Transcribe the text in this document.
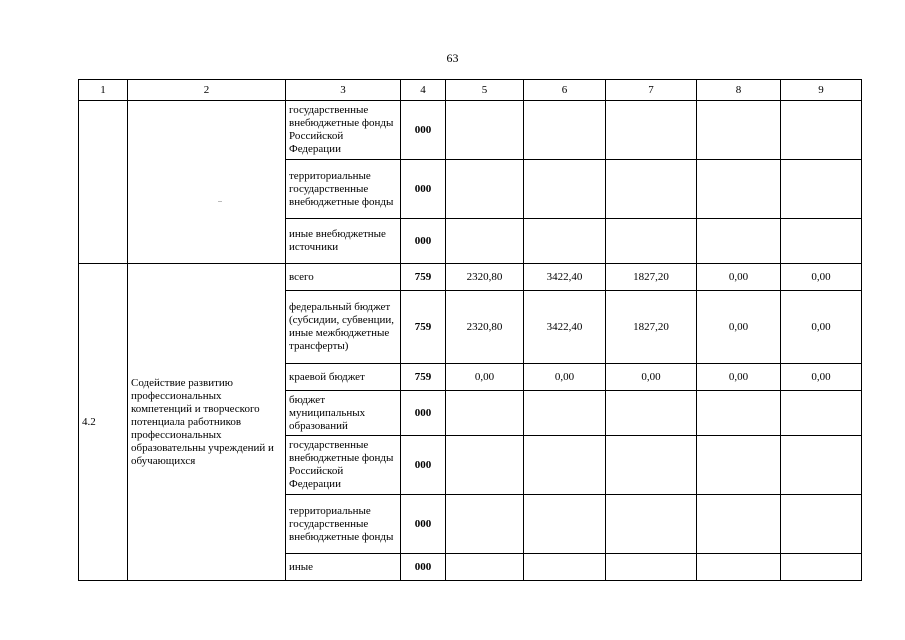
63
1	2	3	4	5	6	7	8	9
		государственные внебюджетные фонды Российской Федерации	000					
		территориальные государственные внебюджетные фонды	000					
		иные внебюджетные источники	000					
4.2	Содействие развитию профессиональных компетенций и творческого потенциала работников профессиональных образовательны учреждений и обучающихся	всего	759	2320,80	3422,40	1827,20	0,00	0,00
		федеральный бюджет (субсидии, субвенции, иные межбюджетные трансферты)	759	2320,80	3422,40	1827,20	0,00	0,00
		краевой бюджет	759	0,00	0,00	0,00	0,00	0,00
		бюджет муниципальных образований	000					
		государственные внебюджетные фонды Российской Федерации	000					
		территориальные государственные внебюджетные фонды	000					
		иные	000					
